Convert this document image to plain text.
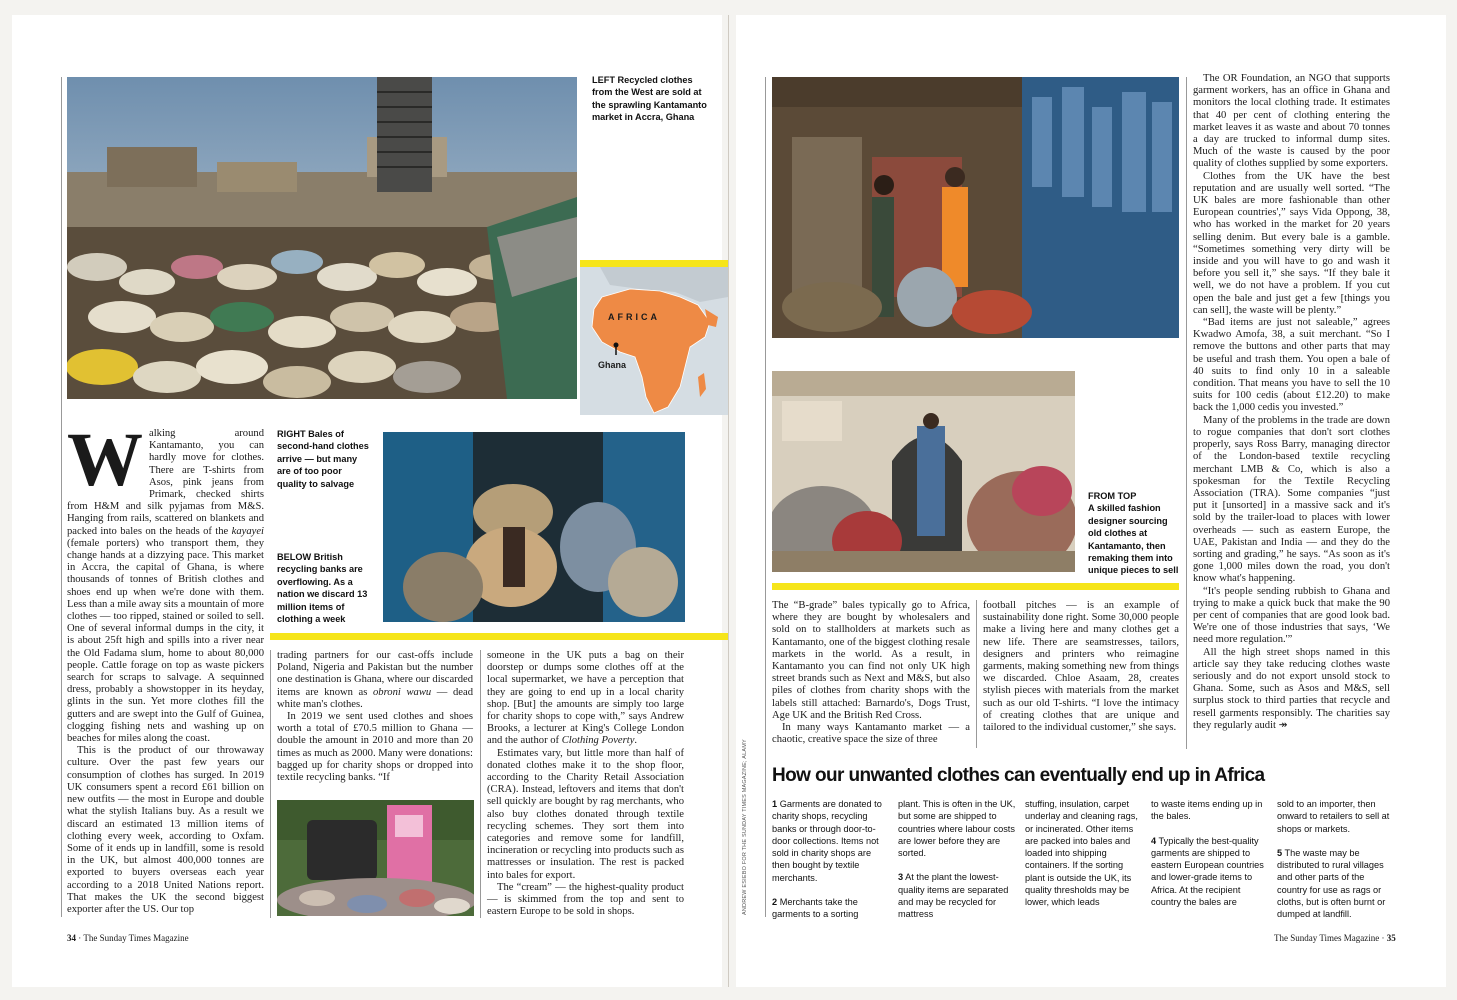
LEFT Recycled clothes from the West are sold at the sprawling Kantamanto market in Accra, Ghana
AFRICA
Ghana

Walking around Kantamanto, you can hardly move for clothes. There are T-shirts from Asos, pink jeans from Primark, checked shirts from H&M and silk pyjamas from M&S. Hanging from rails, scattered on blankets and packed into bales on the heads of the kayayei (female porters) who transport them, they change hands at a dizzying pace. This market in Accra, the capital of Ghana, is where thousands of tonnes of British clothes and shoes end up when we're done with them. Less than a mile away sits a mountain of more clothes — too ripped, stained or soiled to sell. One of several informal dumps in the city, it is about 25ft high and spills into a river near the Old Fadama slum, home to about 80,000 people. Cattle forage on top as waste pickers search for scraps to salvage. A sequinned dress, probably a showstopper in its heyday, glints in the sun. Yet more clothes fill the gutters and are swept into the Gulf of Guinea, clogging fishing nets and washing up on beaches for miles along the coast.

This is the product of our throwaway culture. Over the past few years our consumption of clothes has surged. In 2019 UK consumers spent a record £61 billion on new outfits — the most in Europe and double what the stylish Italians buy. As a result we discard an estimated 13 million items of clothing every week, according to Oxfam. Some of it ends up in landfill, some is resold in the UK, but almost 400,000 tonnes are exported to buyers overseas each year according to a 2018 United Nations report. That makes the UK the second biggest exporter after the US. Our top

RIGHT Bales of second-hand clothes arrive — but many are of too poor quality to salvage
BELOW British recycling banks are overflowing. As a nation we discard 13 million items of clothing a week

trading partners for our cast-offs include Poland, Nigeria and Pakistan but the number one destination is Ghana, where our discarded items are known as obroni wawu — dead white man's clothes.

In 2019 we sent used clothes and shoes worth a total of £70.5 million to Ghana — double the amount in 2010 and more than 20 times as much as 2000. Many were donations: bagged up for charity shops or dropped into textile recycling banks. “If

someone in the UK puts a bag on their doorstep or dumps some clothes off at the local supermarket, we have a perception that they are going to end up in a local charity shop. [But] the amounts are simply too large for charity shops to cope with,” says Andrew Brooks, a lecturer at King's College London and the author of Clothing Poverty.

Estimates vary, but little more than half of donated clothes make it to the shop floor, according to the Charity Retail Association (CRA). Instead, leftovers and items that don't sell quickly are bought by rag merchants, who also buy clothes donated through textile recycling schemes. They sort them into categories and remove some for landfill, incineration or recycling into products such as mattresses or insulation. The rest is packed into bales for export.

The “cream” — the highest-quality product — is skimmed from the top and sent to eastern Europe to be sold in shops.

34 · The Sunday Times Magazine
FROM TOP
A skilled fashion designer sourcing old clothes at Kantamanto, then remaking them into unique pieces to sell

The “B-grade” bales typically go to Africa, where they are bought by wholesalers and sold on to stallholders at markets such as Kantamanto, one of the biggest clothing resale markets in the world. As a result, in Kantamanto you can find not only UK high street brands such as Next and M&S, but also piles of clothes from charity shops with the labels still attached: Barnardo's, Dogs Trust, Age UK and the British Red Cross.

In many ways Kantamanto market — a chaotic, creative space the size of three

football pitches — is an example of sustainability done right. Some 30,000 people make a living here and many clothes get a new life. There are seamstresses, tailors, designers and printers who reimagine garments, making something new from things we discarded. Chloe Asaam, 28, creates stylish pieces with materials from the market such as our old T-shirts. “I love the intimacy of creating clothes that are unique and tailored to the individual customer,” she says.

The OR Foundation, an NGO that supports garment workers, has an office in Ghana and monitors the local clothing trade. It estimates that 40 per cent of clothing entering the market leaves it as waste and about 70 tonnes a day are trucked to informal dump sites. Much of the waste is caused by the poor quality of clothes supplied by some exporters.

Clothes from the UK have the best reputation and are usually well sorted. “The UK bales are more fashionable than other European countries',” says Vida Oppong, 38, who has worked in the market for 20 years selling denim. But every bale is a gamble. “Sometimes something very dirty will be inside and you will have to go and wash it before you sell it,” she says. “If they bale it well, we do not have a problem. If you cut open the bale and just get a few [things you can sell], the waste will be plenty.”

“Bad items are just not saleable,” agrees Kwadwo Amofa, 38, a suit merchant. “So I remove the buttons and other parts that may be useful and trash them. You open a bale of 40 suits to find only 10 in a saleable condition. That means you have to sell the 10 suits for 100 cedis (about £12.20) to make back the 1,000 cedis you invested.”

Many of the problems in the trade are down to rogue companies that don't sort clothes properly, says Ross Barry, managing director of the London-based textile recycling merchant LMB & Co, which is also a spokesman for the Textile Recycling Association (TRA). Some companies “just put it [unsorted] in a massive sack and it's sold by the trailer-load to places with lower overheads — such as eastern Europe, the UAE, Pakistan and India — and they do the sorting and grading,” he says. “As soon as it's gone 1,000 miles down the road, you don't know what's happening.

“It's people sending rubbish to Ghana and trying to make a quick buck that make the 90 per cent of companies that are good look bad. We're one of those industries that says, ‘We need more regulation.'”

All the high street shops named in this article say they take reducing clothes waste seriously and do not export unsold stock to Ghana. Some, such as Asos and M&S, sell surplus stock to third parties that recycle and resell garments responsibly. The charities say they regularly audit ↠

ANDREW ESIEBO FOR THE SUNDAY TIMES MAGAZINE; ALAMY How our unwanted clothes can eventually end up in Africa

1 Garments are donated to charity shops, recycling banks or through door-to-door collections. Items not sold in charity shops are then bought by textile merchants.

2 Merchants take the garments to a sorting

plant. This is often in the UK, but some are shipped to countries where labour costs are lower before they are sorted.

3 At the plant the lowest-quality items are separated and may be recycled for mattress

stuffing, insulation, carpet underlay and cleaning rags, or incinerated. Other items are packed into bales and loaded into shipping containers. If the sorting plant is outside the UK, its quality thresholds may be lower, which leads

to waste items ending up in the bales.

4 Typically the best-quality garments are shipped to eastern European countries and lower-grade items to Africa. At the recipient country the bales are

sold to an importer, then onward to retailers to sell at shops or markets.

5 The waste may be distributed to rural villages and other parts of the country for use as rags or cloths, but is often burnt or dumped at landfill.

The Sunday Times Magazine · 35
